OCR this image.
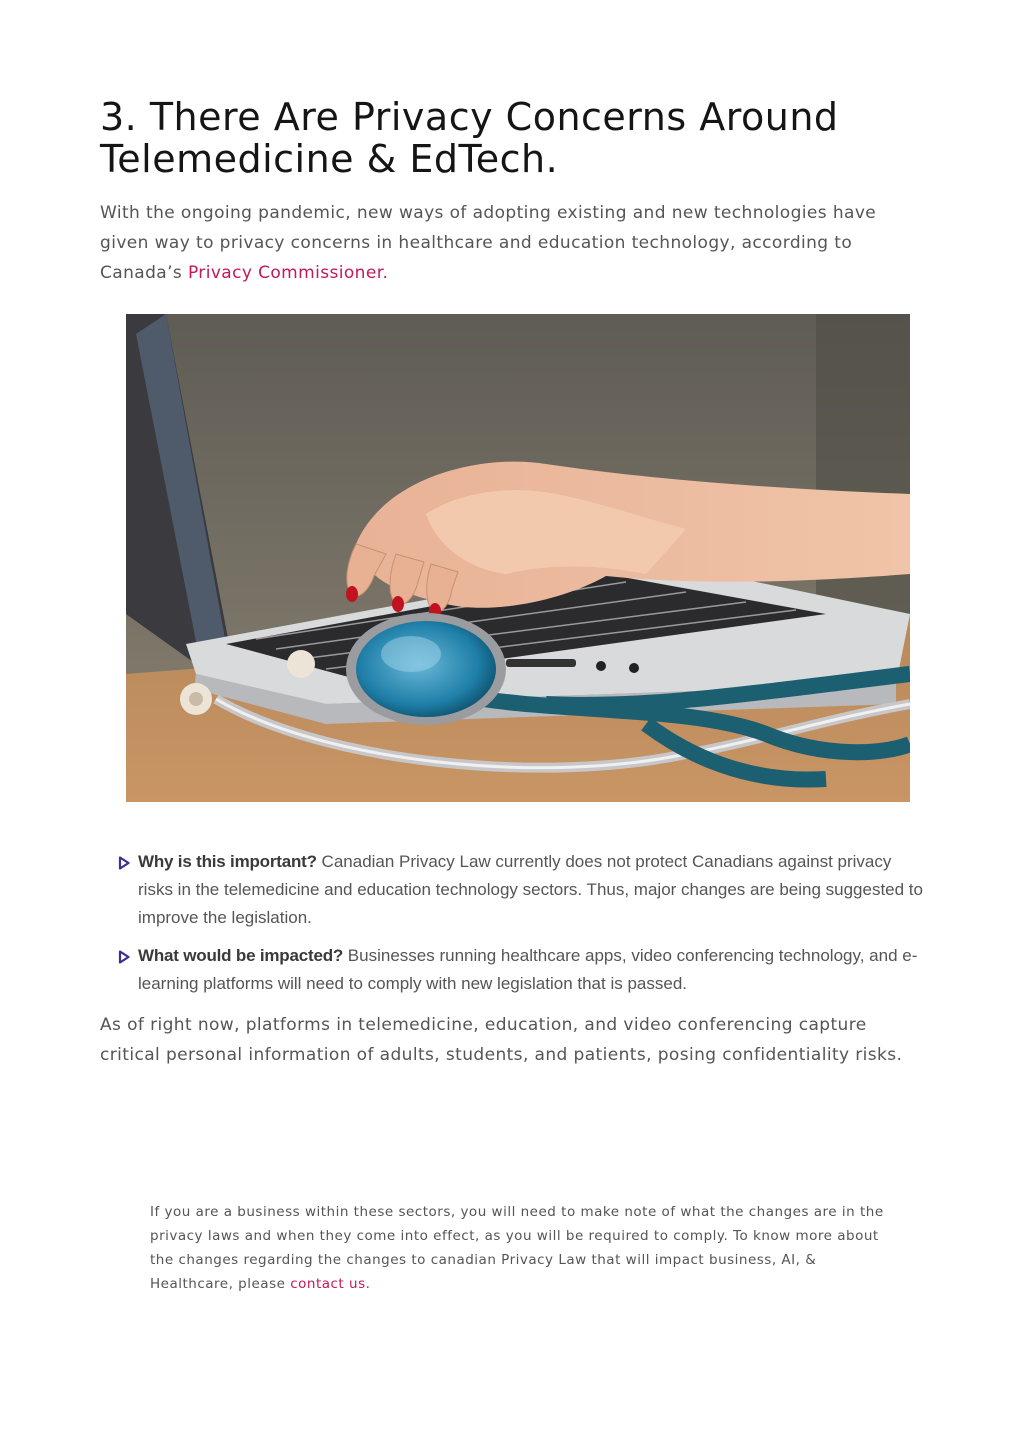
3. There Are Privacy Concerns Around Telemedicine & EdTech.

With the ongoing pandemic, new ways of adopting existing and new technologies have given way to privacy concerns in healthcare and education technology, according to Canada’s Privacy Commissioner.

Why is this important? Canadian Privacy Law currently does not protect Canadians against privacy risks in the telemedicine and education technology sectors. Thus, major changes are being suggested to improve the legislation.
What would be impacted? Businesses running healthcare apps, video conferencing technology, and e-learning platforms will need to comply with new legislation that is passed.

As of right now, platforms in telemedicine, education, and video conferencing capture critical personal information of adults, students, and patients, posing confidentiality risks.

If you are a business within these sectors, you will need to make note of what the changes are in the privacy laws and when they come into effect, as you will be required to comply. To know more about the changes regarding the changes to canadian Privacy Law that will impact business, AI, & Healthcare, please contact us.
